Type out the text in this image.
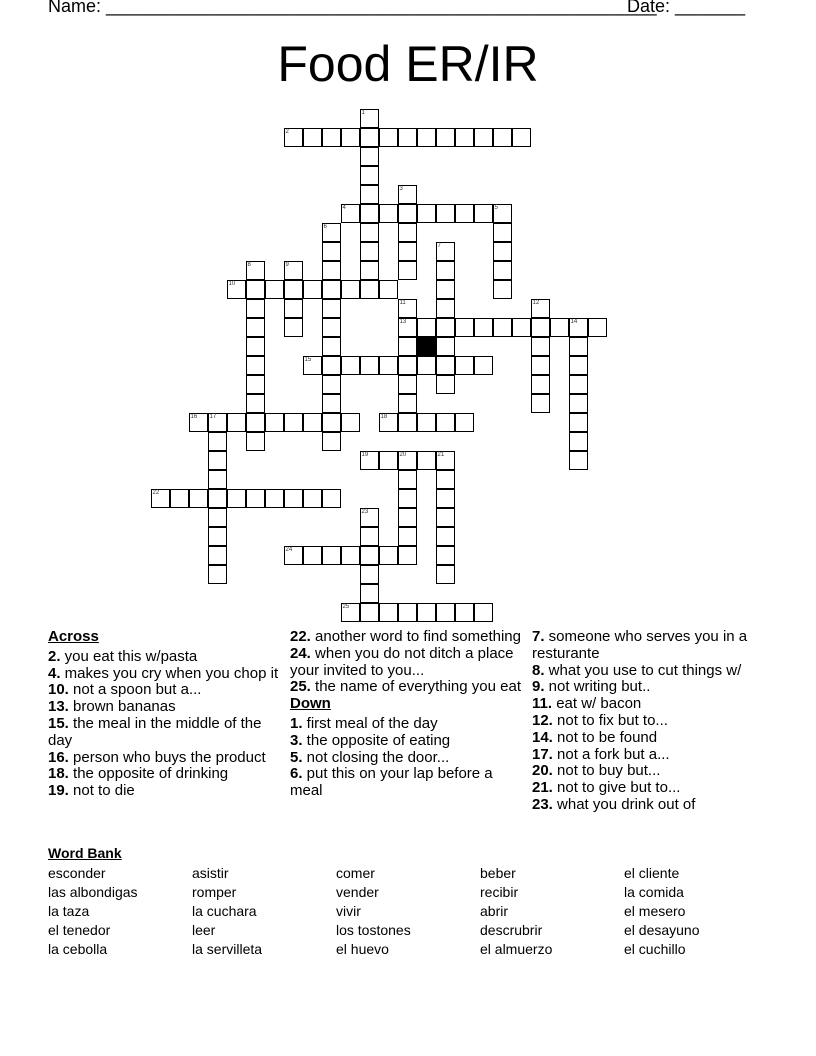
Name: _______________________________________________________
Date: _______
Food ER/IR
2
4	5
10
13	14
15
16 17	18
19	20	21
22
24
25
1
3
6
7
8	9
11	12
23
Across
2. you eat this w/pasta
4. makes you cry when you chop it
10. not a spoon but a...
13. brown bananas
15. the meal in the middle of the day
16. person who buys the product
18. the opposite of drinking
19. not to die
22. another word to find something
24. when you do not ditch a place your invited to you...
25. the name of everything you eat
Down
1. first meal of the day
3. the opposite of eating
5. not closing the door...
6. put this on your lap before a meal
7. someone who serves you in a resturante
8. what you use to cut things w/
9. not writing but..
11. eat w/ bacon
12. not to fix but to...
14. not to be found
17. not a fork but a...
20. not to buy but...
21. not to give but to...
23. what you drink out of
Word Bank
esconder
las albondigas
la taza
el tenedor
la cebolla
asistir
romper
la cuchara
leer
la servilleta
comer
vender
vivir
los tostones
el huevo
beber
recibir
abrir
descrubrir
el almuerzo
el cliente
la comida
el mesero
el desayuno
el cuchillo
